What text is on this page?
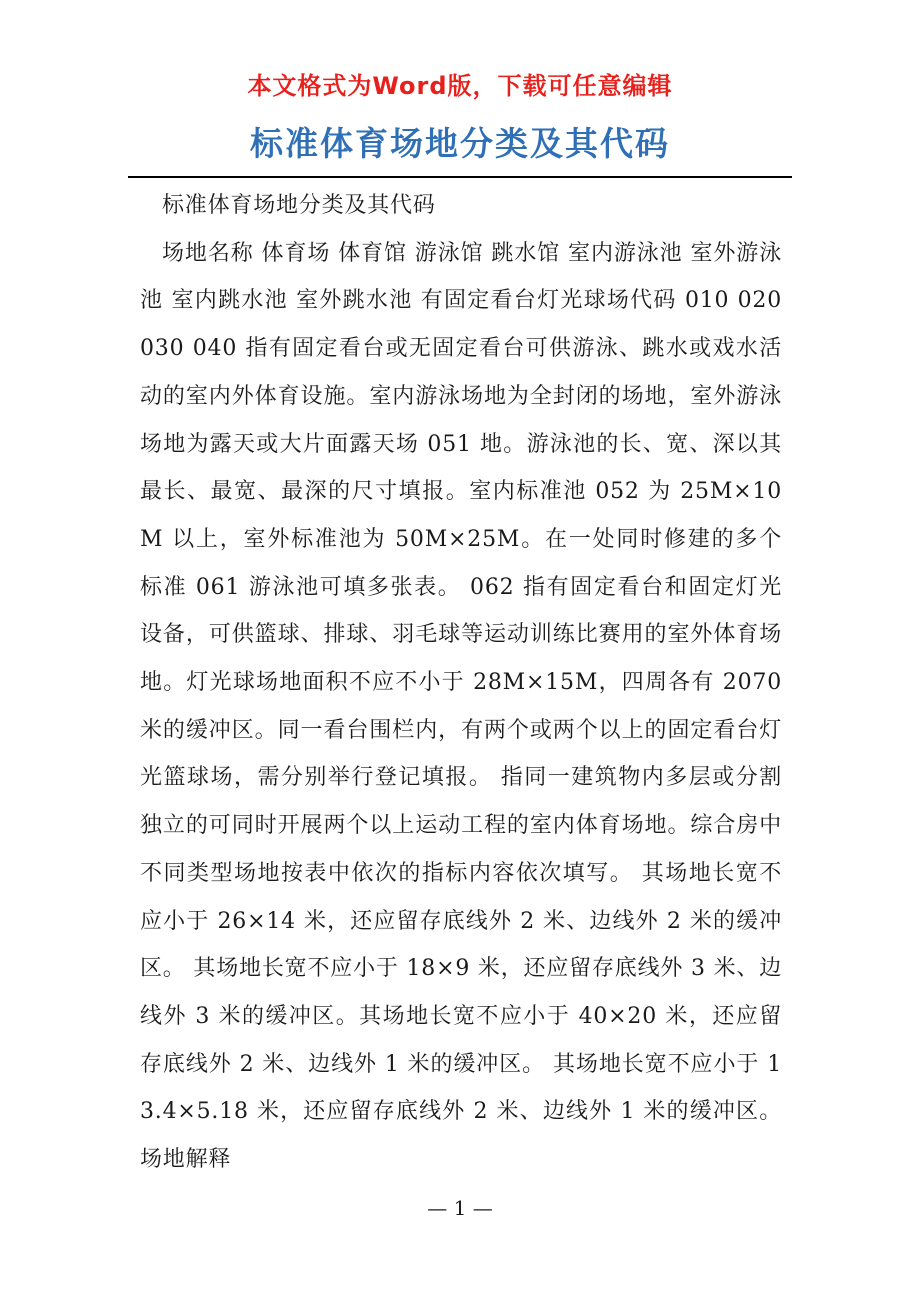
本文格式为Word版，下载可任意编辑
标准体育场地分类及其代码

标准体育场地分类及其代码

场地名称 体育场 体育馆 游泳馆 跳水馆 室内游泳池 室外游泳池 室内跳水池 室外跳水池 有固定看台灯光球场代码 010 020 030 040 指有固定看台或无固定看台可供游泳、跳水或戏水活动的室内外体育设施。室内游泳场地为全封闭的场地，室外游泳场地为露天或大片面露天场 051 地。游泳池的长、宽、深以其最长、最宽、最深的尺寸填报。室内标准池 052 为 25M×10M 以上，室外标准池为 50M×25M。在一处同时修建的多个标准 061 游泳池可填多张表。 062 指有固定看台和固定灯光设备，可供篮球、排球、羽毛球等运动训练比赛用的室外体育场地。灯光球场地面积不应不小于 28M×15M，四周各有 2070 米的缓冲区。同一看台围栏内，有两个或两个以上的固定看台灯光篮球场，需分别举行登记填报。 指同一建筑物内多层或分割独立的可同时开展两个以上运动工程的室内体育场地。综合房中不同类型场地按表中依次的指标内容依次填写。 其场地长宽不应小于 26×14 米，还应留存底线外 2 米、边线外 2 米的缓冲区。 其场地长宽不应小于 18×9 米，还应留存底线外 3 米、边线外 3 米的缓冲区。其场地长宽不应小于 40×20 米，还应留存底线外 2 米、边线外 1 米的缓冲区。 其场地长宽不应小于 13.4×5.18 米，还应留存底线外 2 米、边线外 1 米的缓冲区。 场地解释

— 1 —
